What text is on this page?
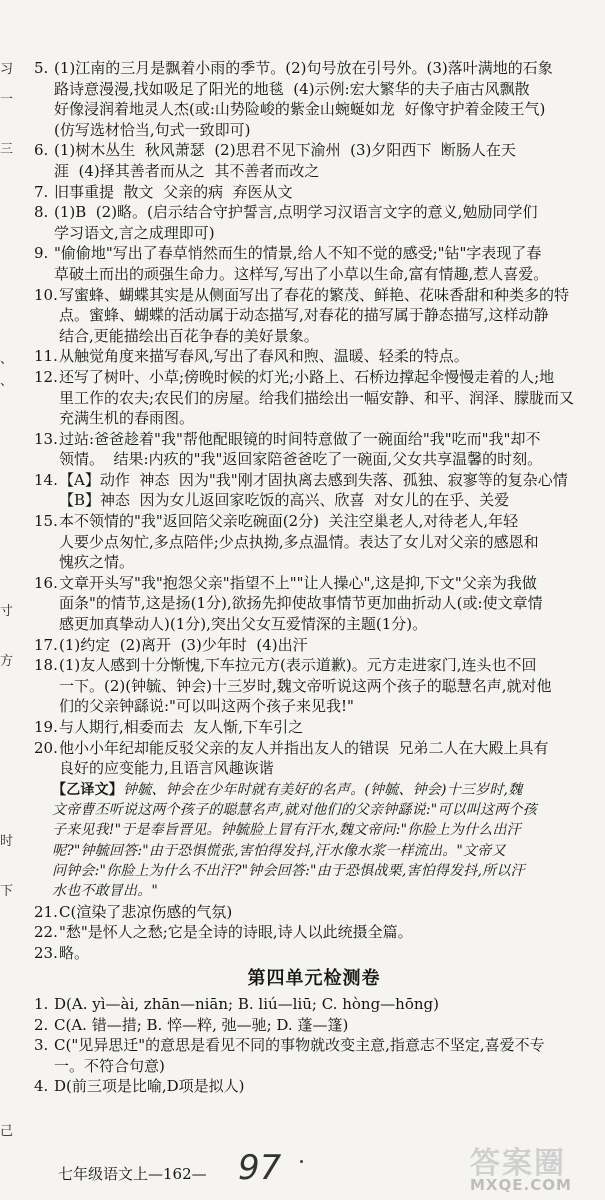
习
一
三
、
、
寸
方
时
下
己
5. (1)江南的三月是飘着小雨的季节。(2)句号放在引号外。(3)落叶满地的石象
路诗意漫漫,找如吸足了阳光的地毯  (4)示例:宏大繁华的夫子庙古风飘散
好像浸润着地灵人杰(或:山势险峻的紫金山蜿蜒如龙  好像守护着金陵王气)
(仿写选材恰当,句式一致即可)
6. (1)树木丛生  秋风萧瑟  (2)思君不见下渝州  (3)夕阳西下  断肠人在天
涯  (4)择其善者而从之  其不善者而改之
7. 旧事重提  散文  父亲的病  弃医从文
8. (1)B  (2)略。(启示结合守护誓言,点明学习汉语言文字的意义,勉励同学们
学习语文,言之成理即可)
9. "偷偷地"写出了春草悄然而生的情景,给人不知不觉的感受;"钻"字表现了春
草破土而出的顽强生命力。这样写,写出了小草以生命,富有情趣,惹人喜爱。
10. 写蜜蜂、蝴蝶其实是从侧面写出了春花的繁茂、鲜艳、花味香甜和种类多的特
点。蜜蜂、蝴蝶的活动属于动态描写,对春花的描写属于静态描写,这样动静
结合,更能描绘出百花争春的美好景象。
11. 从触觉角度来描写春风,写出了春风和煦、温暖、轻柔的特点。
12. 还写了树叶、小草;傍晚时候的灯光;小路上、石桥边撑起伞慢慢走着的人;地
里工作的农夫;农民们的房屋。给我们描绘出一幅安静、和平、润泽、朦胧而又
充满生机的春雨图。
13. 过站:爸爸趁着"我"帮他配眼镜的时间特意做了一碗面给"我"吃而"我"却不
领情。  结果:内疚的"我"返回家陪爸爸吃了一碗面,父女共享温馨的时刻。
14. 【A】动作  神态  因为"我"刚才固执离去感到失落、孤独、寂寥等的复杂心情
【B】神态  因为女儿返回家吃饭的高兴、欣喜  对女儿的在乎、关爱
15. 本不领情的"我"返回陪父亲吃碗面(2分)  关注空巢老人,对待老人,年轻
人要少点匆忙,多点陪伴;少点执拗,多点温情。表达了女儿对父亲的感恩和
愧疚之情。
16. 文章开头写"我"抱怨父亲"指望不上""让人操心",这是抑,下文"父亲为我做
面条"的情节,这是扬(1分),欲扬先抑使故事情节更加曲折动人(或:使文章情
感更加真挚动人)(1分),突出父女互爱情深的主题(1分)。
17. (1)约定  (2)离开  (3)少年时  (4)出汗
18. (1)友人感到十分惭愧,下车拉元方(表示道歉)。元方走进家门,连头也不回
一下。(2)(钟毓、钟会)十三岁时,魏文帝听说这两个孩子的聪慧名声,就对他
们的父亲钟繇说:"可以叫这两个孩子来见我!"
19. 与人期行,相委而去  友人惭,下车引之
20. 他小小年纪却能反驳父亲的友人并指出友人的错误  兄弟二人在大殿上具有
良好的应变能力,且语言风趣诙谐
【乙译文】钟毓、钟会在少年时就有美好的名声。(钟毓、钟会)十三岁时,魏
文帝曹丕听说这两个孩子的聪慧名声,就对他们的父亲钟繇说:"可以叫这两个孩
子来见我!"于是奉旨晋见。钟毓脸上冒有汗水,魏文帝问:"你脸上为什么出汗
呢?"钟毓回答:"由于恐惧慌张,害怕得发抖,汗水像水浆一样流出。"文帝又
问钟会:"你脸上为什么不出汗?"钟会回答:"由于恐惧战栗,害怕得发抖,所以汗
水也不敢冒出。"
21. C(渲染了悲凉伤感的气氛)
22. "愁"是怀人之愁;它是全诗的诗眼,诗人以此统摄全篇。
23. 略。
第四单元检测卷
1. D(A. yì—ài, zhān—niān; B. liú—liū; C. hòng—hōng)
2. C(A. 错—措; B. 悴—粹, 弛—驰; D. 蓬—篷)
3. C("见异思迁"的意思是看见不同的事物就改变主意,指意志不坚定,喜爱不专
一。不符合句意)
4. D(前三项是比喻,D项是拟人)
97
七年级语文上—162—	答案圈
MXQE.COM
